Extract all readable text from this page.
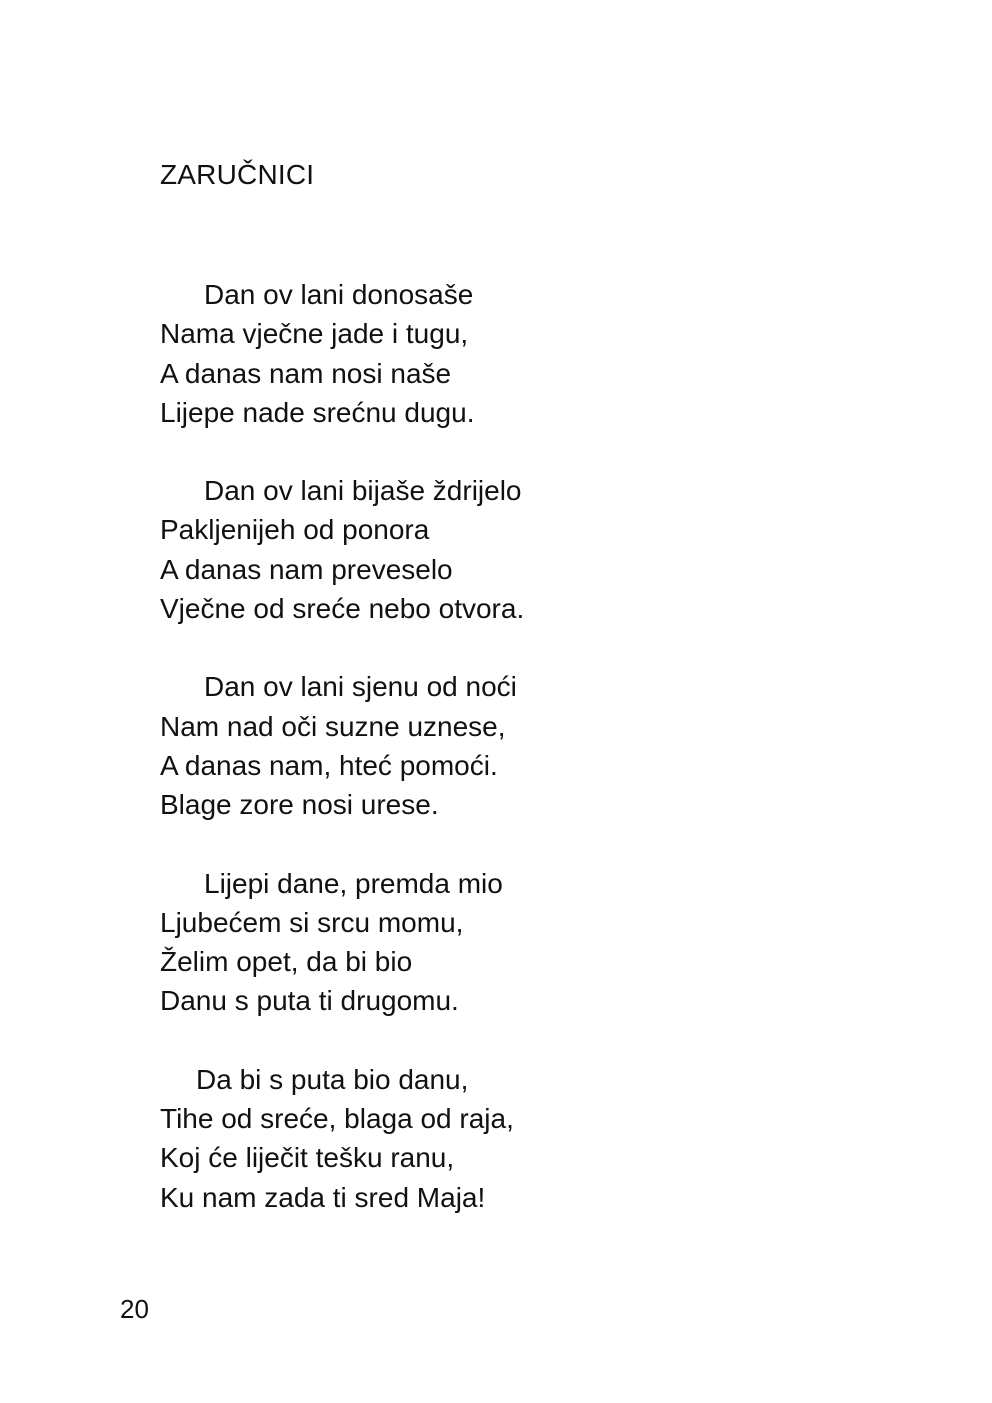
ZARUČNICI
Dan ov lani donosaše
Nama vječne jade i tugu,
A danas nam nosi naše
Lijepe nade srećnu dugu.
Dan ov lani bijaše ždrijelo
Pakljenijeh od ponora
A danas nam preveselo
Vječne od sreće nebo otvora.
Dan ov lani sjenu od noći
Nam nad oči suzne uznese,
A danas nam, hteć pomoći.
Blage zore nosi urese.
Lijepi dane, premda mio
Ljubećem si srcu momu,
Želim opet, da bi bio
Danu s puta ti drugomu.
Da bi s puta bio danu,
Tihe od sreće, blaga od raja,
Koj će liječit tešku ranu,
Ku nam zada ti sred Maja!
20
